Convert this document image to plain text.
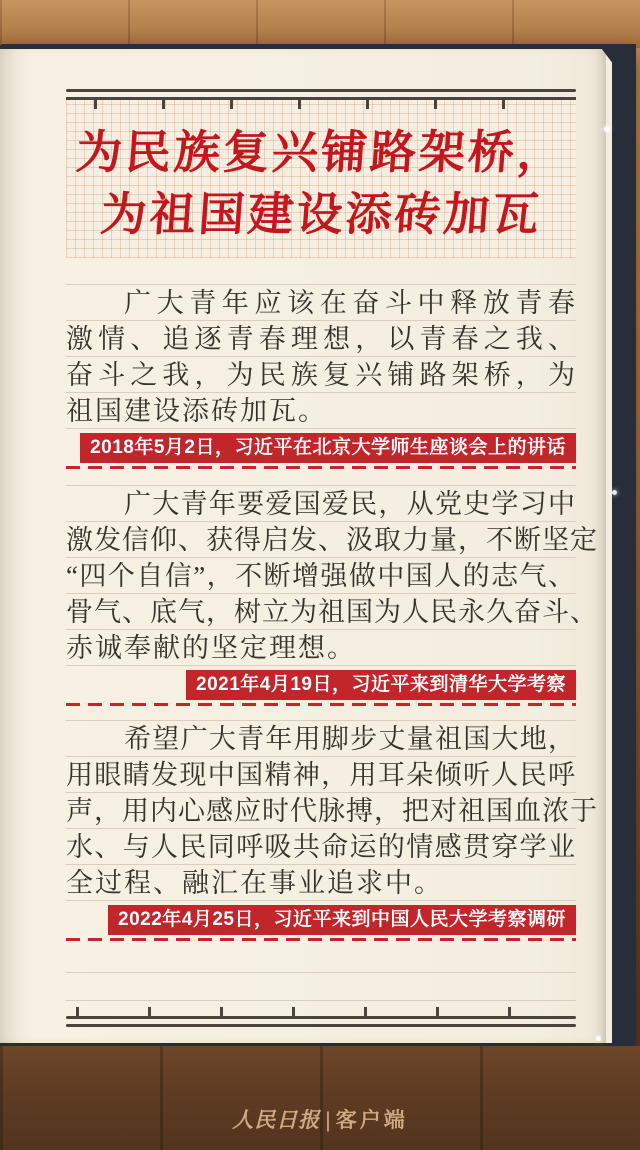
为民族复兴铺路架桥，
为祖国建设添砖加瓦
广大青年应该在奋斗中释放青春
激情、追逐青春理想，以青春之我、
奋斗之我，为民族复兴铺路架桥，为
祖国建设添砖加瓦。
2018年5月2日，习近平在北京大学师生座谈会上的讲话
广大青年要爱国爱民，从党史学习中
激发信仰、获得启发、汲取力量，不断坚定
“四个自信”，不断增强做中国人的志气、
骨气、底气，树立为祖国为人民永久奋斗、
赤诚奉献的坚定理想。
2021年4月19日，习近平来到清华大学考察
希望广大青年用脚步丈量祖国大地，
用眼睛发现中国精神，用耳朵倾听人民呼
声，用内心感应时代脉搏，把对祖国血浓于
水、与人民同呼吸共命运的情感贯穿学业
全过程、融汇在事业追求中。
2022年4月25日，习近平来到中国人民大学考察调研
人民日报 | 客户端
